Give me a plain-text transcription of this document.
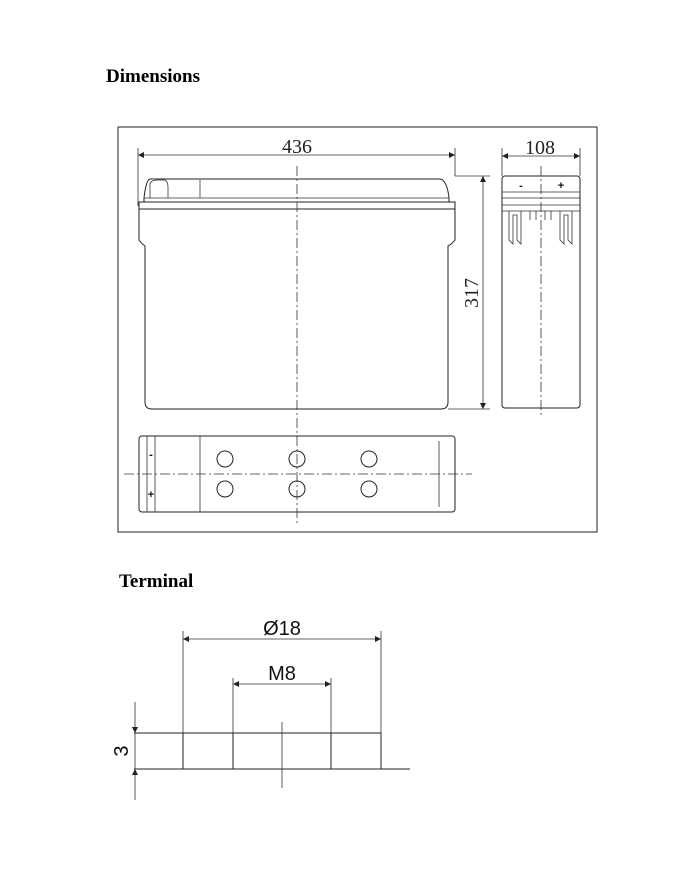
Dimensions
Terminal
436
317
108
-	+
-
+
Ø18
M8
3
